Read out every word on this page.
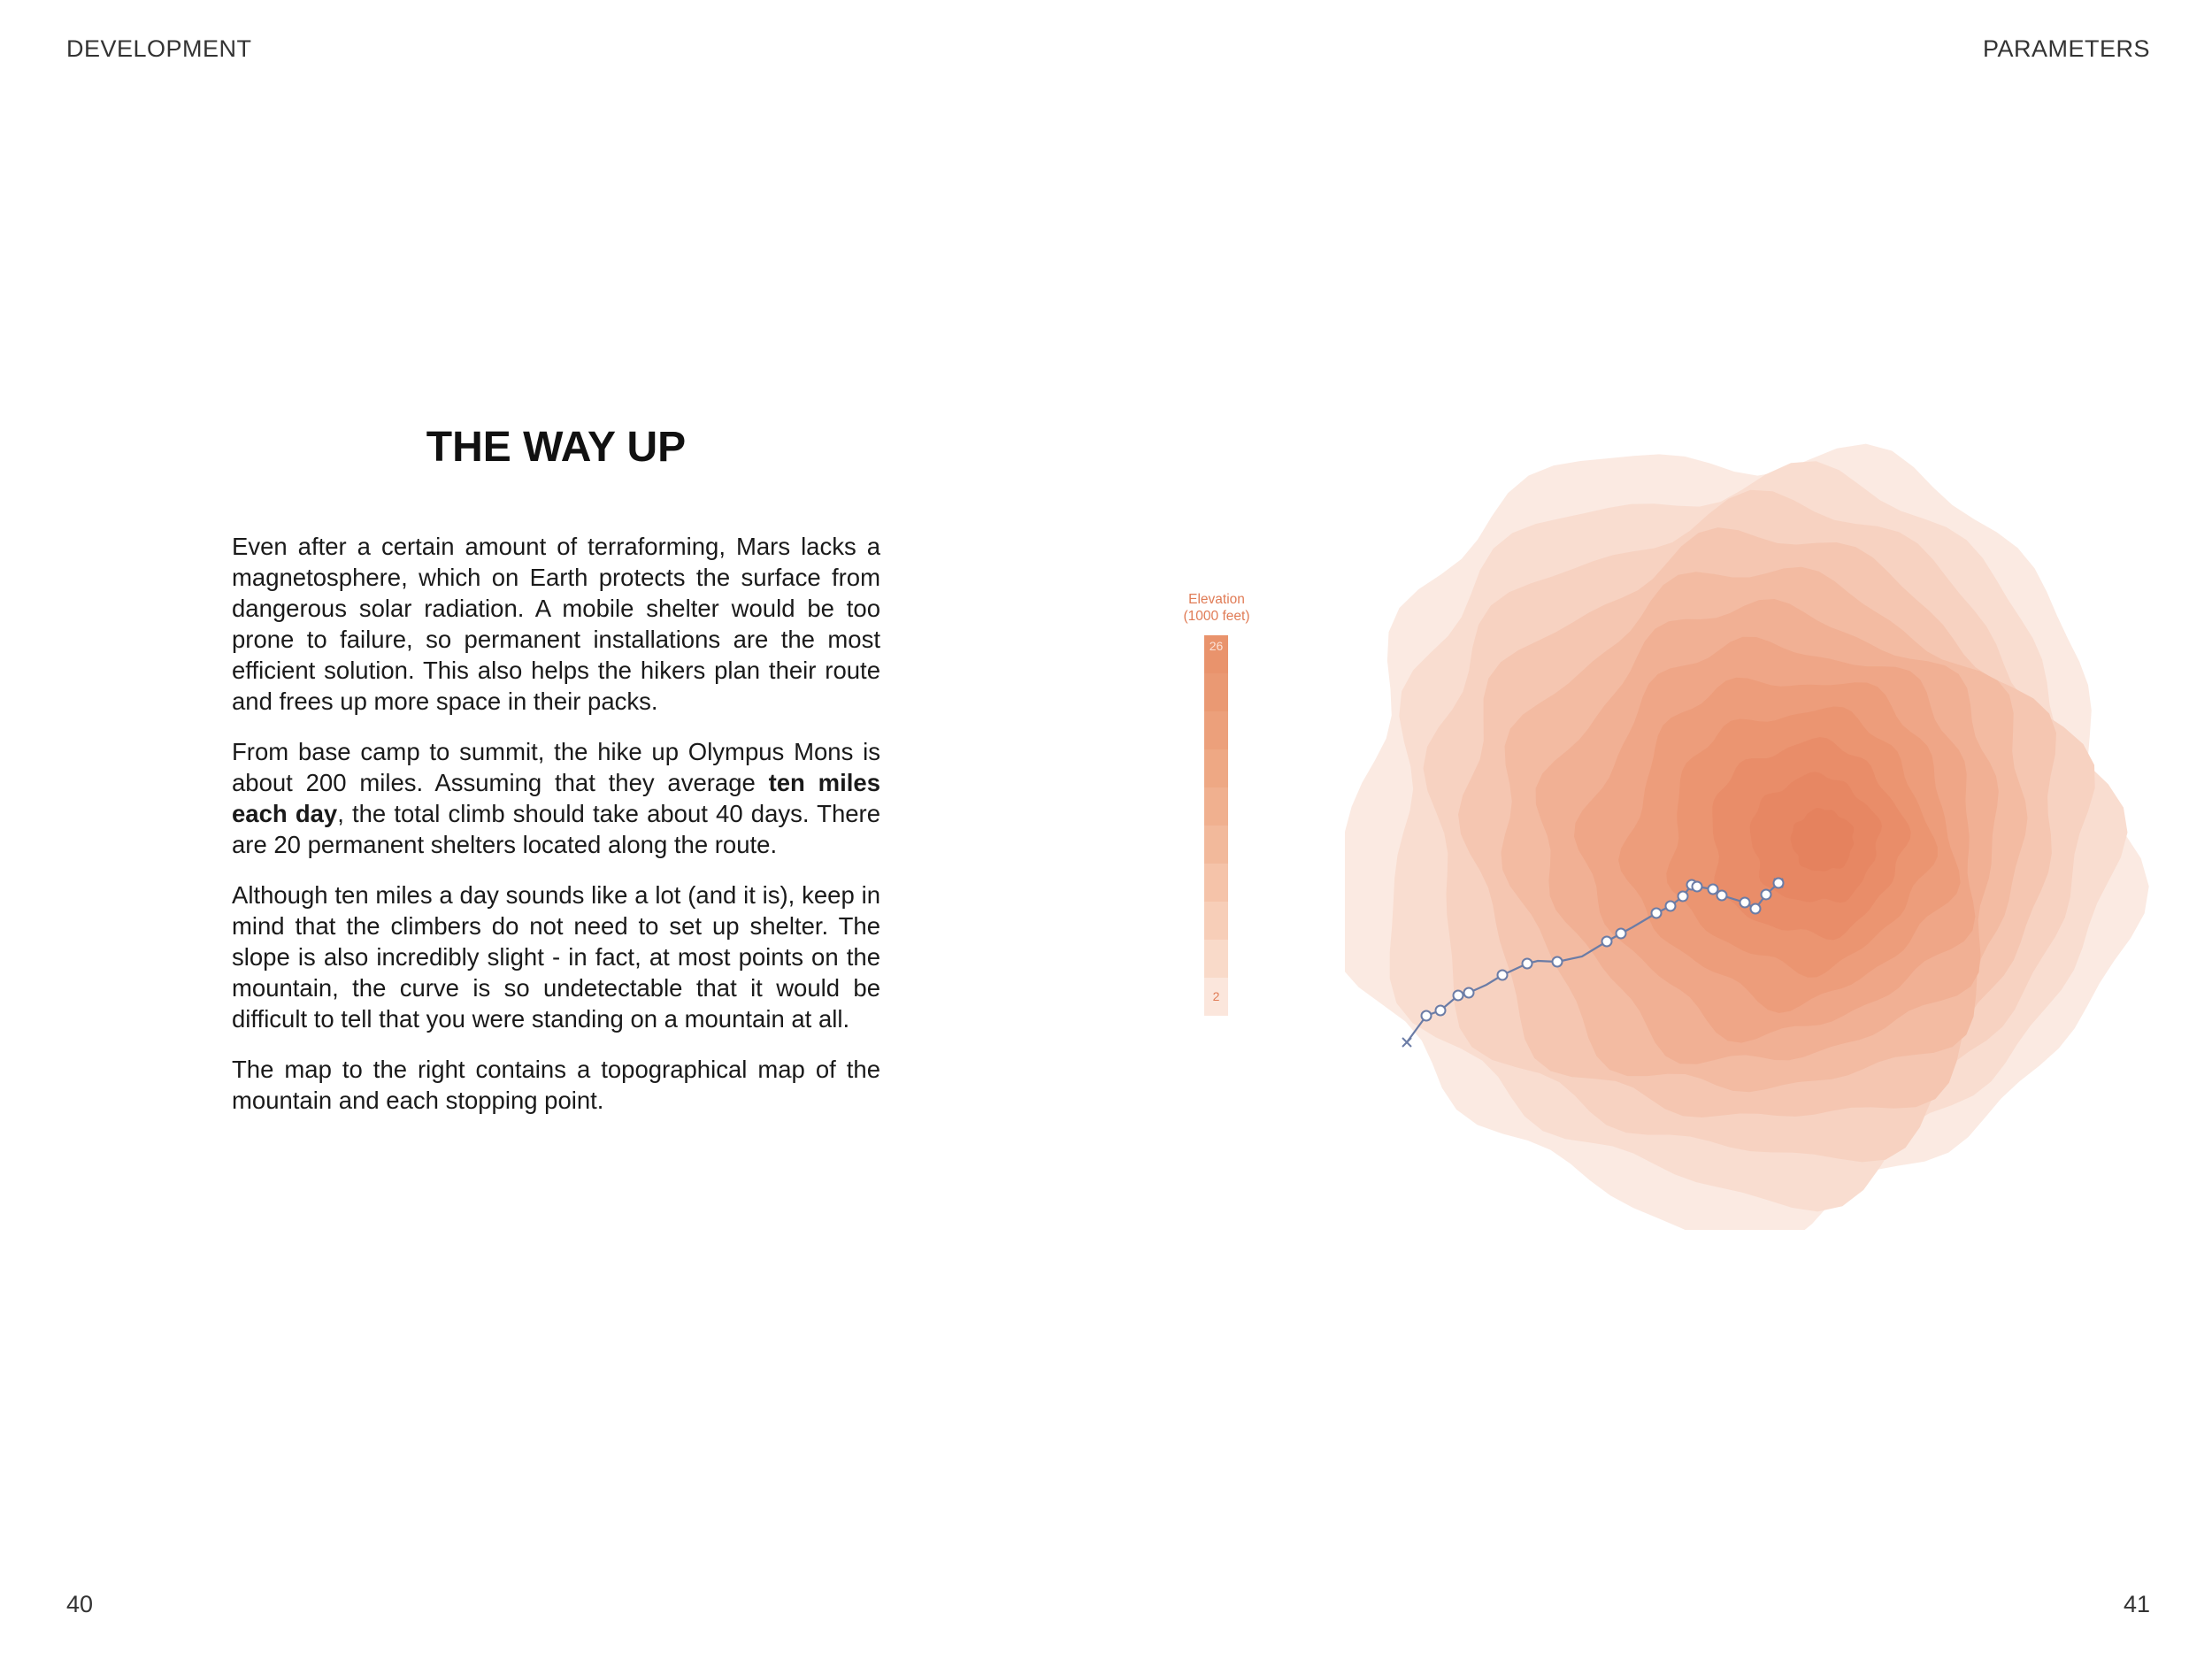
DEVELOPMENT	PARAMETERS
THE WAY UP

Even after a certain amount of terraforming, Mars lacks a magnetosphere, which on Earth protects the surface from dangerous solar radiation. A mobile shelter would be too prone to failure, so permanent installations are the most efficient solution. This also helps the hikers plan their route and frees up more space in their packs.

From base camp to summit, the hike up Olympus Mons is about 200 miles. Assuming that they average ten miles each day, the total climb should take about 40 days. There are 20 permanent shelters located along the route.

Although ten miles a day sounds like a lot (and it is), keep in mind that the climbers do not need to set up shelter. The slope is also incredibly slight - in fact, at most points on the mountain, the curve is so undetectable that it would be difficult to tell that you were standing on a mountain at all.

The map to the right contains a topographical map of the mountain and each stopping point.

Elevation
(1000 feet)
26
2
40	41
